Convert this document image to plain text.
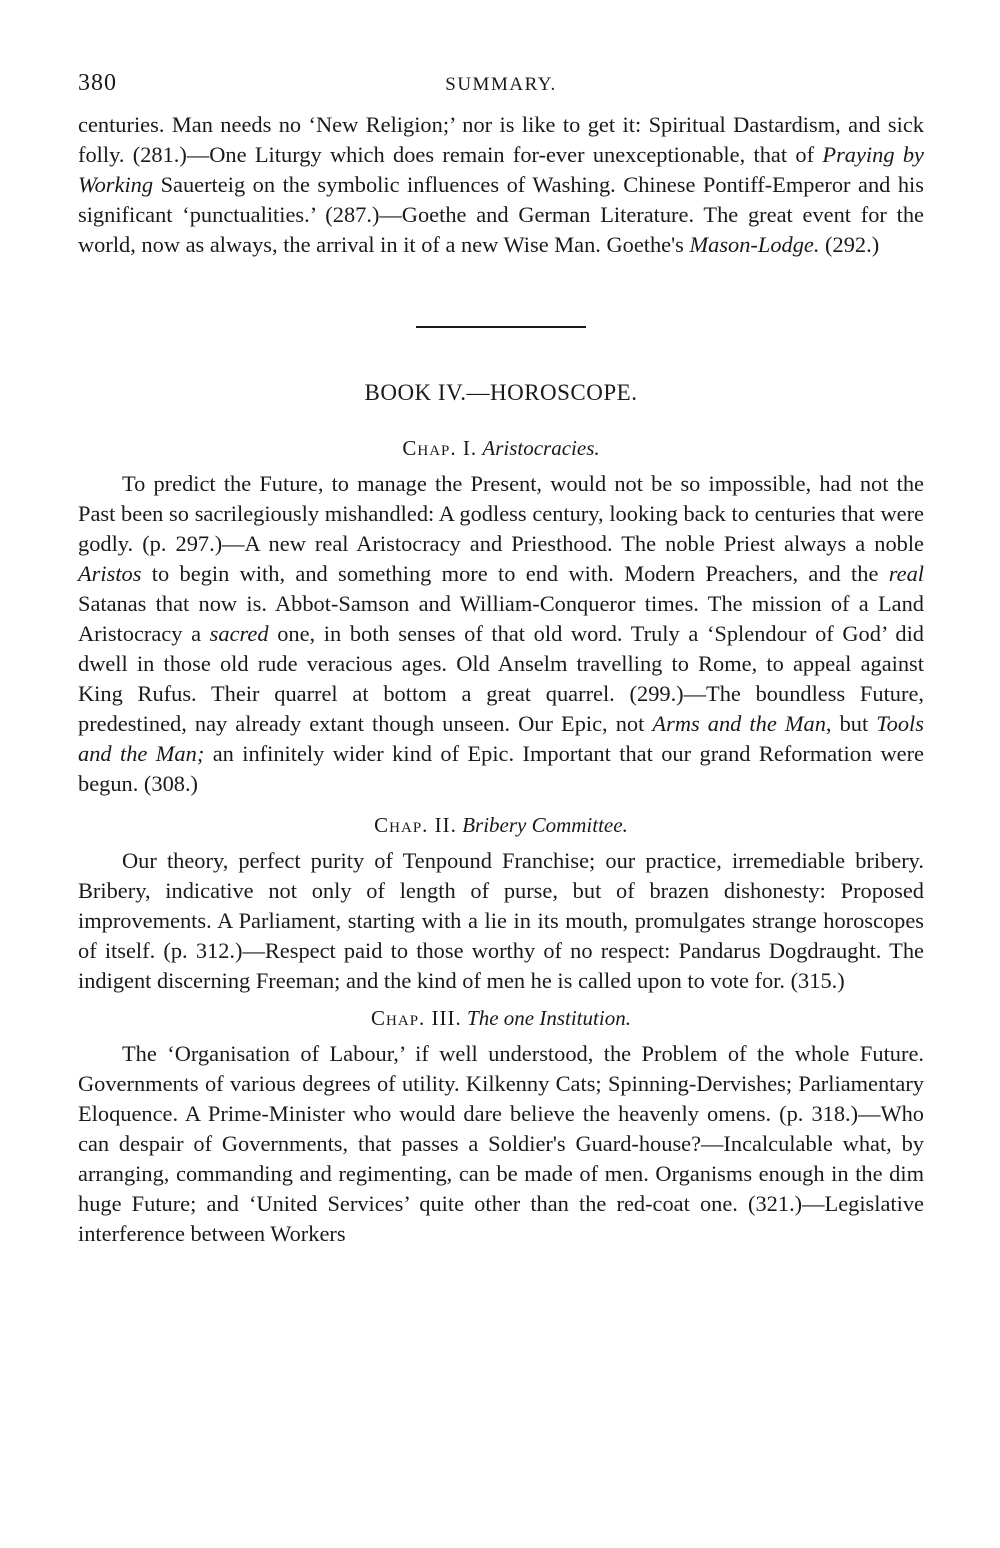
380	SUMMARY.

centuries. Man needs no ‘New Religion;’ nor is like to get it: Spiritual Dastardism, and sick folly. (281.)—One Liturgy which does remain for-ever unexceptionable, that of Praying by Working Sauerteig on the symbolic influences of Washing. Chinese Pontiff-Emperor and his significant ‘punctualities.’ (287.)—Goethe and German Literature. The great event for the world, now as always, the arrival in it of a new Wise Man. Goethe's Mason-Lodge. (292.)

BOOK IV.—HOROSCOPE.
Chap. I. Aristocracies.

To predict the Future, to manage the Present, would not be so impossible, had not the Past been so sacrilegiously mishandled: A godless century, looking back to centuries that were godly. (p. 297.)—A new real Aristocracy and Priesthood. The noble Priest always a noble Aristos to begin with, and something more to end with. Modern Preachers, and the real Satanas that now is. Abbot-Samson and William-Conqueror times. The mission of a Land Aristocracy a sacred one, in both senses of that old word. Truly a ‘Splendour of God’ did dwell in those old rude veracious ages. Old Anselm travelling to Rome, to appeal against King Rufus. Their quarrel at bottom a great quarrel. (299.)—The boundless Future, predestined, nay already extant though unseen. Our Epic, not Arms and the Man, but Tools and the Man; an infinitely wider kind of Epic. Important that our grand Reformation were begun. (308.)

Chap. II. Bribery Committee.

Our theory, perfect purity of Tenpound Franchise; our practice, irremediable bribery. Bribery, indicative not only of length of purse, but of brazen dishonesty: Proposed improvements. A Parliament, starting with a lie in its mouth, promulgates strange horoscopes of itself. (p. 312.)—Respect paid to those worthy of no respect: Pandarus Dogdraught. The indigent discerning Freeman; and the kind of men he is called upon to vote for. (315.)

Chap. III. The one Institution.

The ‘Organisation of Labour,’ if well understood, the Problem of the whole Future. Governments of various degrees of utility. Kilkenny Cats; Spinning-Dervishes; Parliamentary Eloquence. A Prime-Minister who would dare believe the heavenly omens. (p. 318.)—Who can despair of Governments, that passes a Soldier's Guard-house?—Incalculable what, by arranging, commanding and regimenting, can be made of men. Organisms enough in the dim huge Future; and ‘United Services’ quite other than the red-coat one. (321.)—Legislative interference between Workers
